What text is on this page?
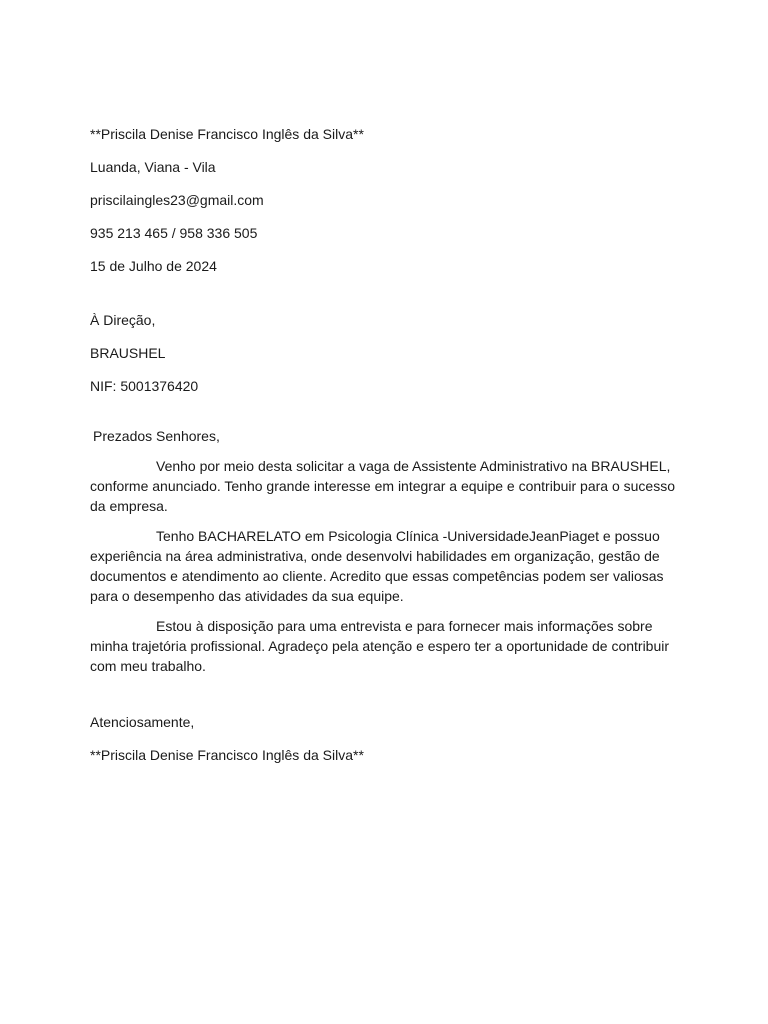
**Priscila Denise Francisco Inglês da Silva**

Luanda, Viana - Vila

priscilaingles23@gmail.com

935 213 465 / 958 336 505

15 de Julho de 2024

À Direção,

BRAUSHEL

NIF: 5001376420

Prezados Senhores,

Venho por meio desta solicitar a vaga de Assistente Administrativo na BRAUSHEL, conforme anunciado. Tenho grande interesse em integrar a equipe e contribuir para o sucesso da empresa.

Tenho BACHARELATO em Psicologia Clínica -UniversidadeJeanPiaget e possuo experiência na área administrativa, onde desenvolvi habilidades em organização, gestão de documentos e atendimento ao cliente. Acredito que essas competências podem ser valiosas para o desempenho das atividades da sua equipe.

Estou à disposição para uma entrevista e para fornecer mais informações sobre minha trajetória profissional. Agradeço pela atenção e espero ter a oportunidade de contribuir com meu trabalho.

Atenciosamente,

**Priscila Denise Francisco Inglês da Silva**
